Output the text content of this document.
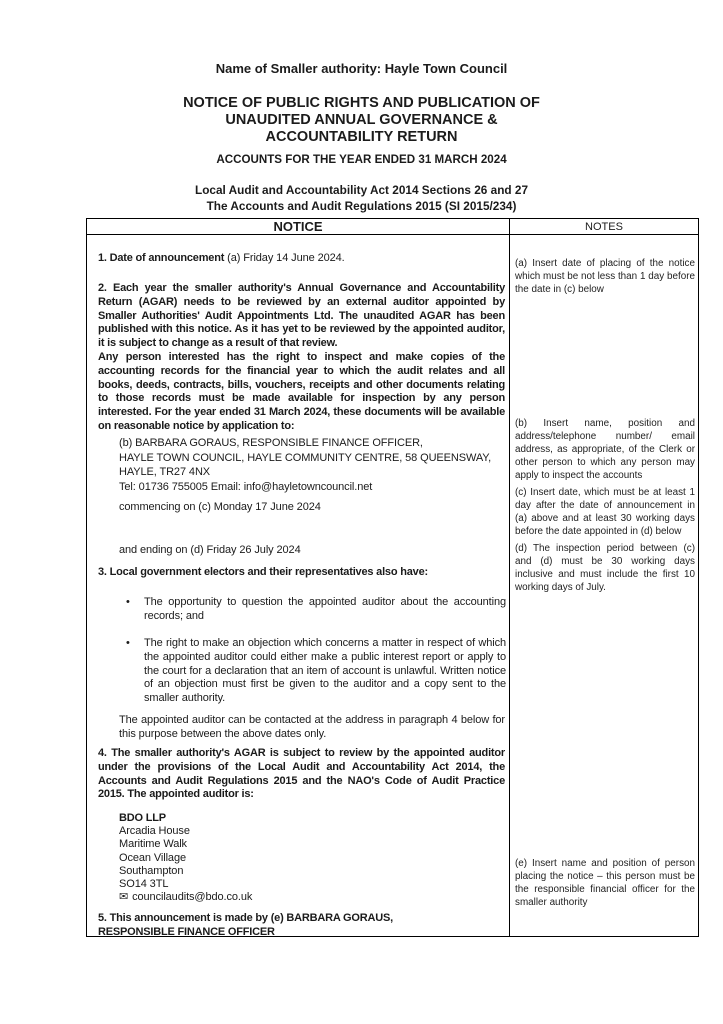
Name of Smaller authority: Hayle Town Council
NOTICE OF PUBLIC RIGHTS AND PUBLICATION OF
UNAUDITED ANNUAL GOVERNANCE &
ACCOUNTABILITY RETURN
ACCOUNTS FOR THE YEAR ENDED 31 MARCH 2024
Local Audit and Accountability Act 2014 Sections 26 and 27
The Accounts and Audit Regulations 2015 (SI 2015/234)
NOTICE	NOTES
1. Date of announcement (a) Friday 14 June 2024.

2. Each year the smaller authority's Annual Governance and Accountability Return (AGAR) needs to be reviewed by an external auditor appointed by Smaller Authorities' Audit Appointments Ltd. The unaudited AGAR has been published with this notice. As it has yet to be reviewed by the appointed auditor, it is subject to change as a result of that review.

Any person interested has the right to inspect and make copies of the accounting records for the financial year to which the audit relates and all books, deeds, contracts, bills, vouchers, receipts and other documents relating to those records must be made available for inspection by any person interested. For the year ended 31 March 2024, these documents will be available on reasonable notice by application to:

(b) BARBARA GORAUS, RESPONSIBLE FINANCE OFFICER,
HAYLE TOWN COUNCIL, HAYLE COMMUNITY CENTRE, 58 QUEENSWAY,
HAYLE, TR27 4NX
Tel: 01736 755005 Email: info@hayletowncouncil.net
commencing on (c) Monday 17 June 2024
and ending on (d) Friday 26 July 2024
3. Local government electors and their representatives also have:
•	The opportunity to question the appointed auditor about the accounting records; and
•	The right to make an objection which concerns a matter in respect of which the appointed auditor could either make a public interest report or apply to the court for a declaration that an item of account is unlawful. Written notice of an objection must first be given to the auditor and a copy sent to the smaller authority.
The appointed auditor can be contacted at the address in paragraph 4 below for this purpose between the above dates only.
4. The smaller authority's AGAR is subject to review by the appointed auditor under the provisions of the Local Audit and Accountability Act 2014, the Accounts and Audit Regulations 2015 and the NAO's Code of Audit Practice 2015. The appointed auditor is:
BDO LLP
Arcadia House
Maritime Walk
Ocean Village
Southampton
SO14 3TL
✉ councilaudits@bdo.co.uk
5. This announcement is made by (e) BARBARA GORAUS,
RESPONSIBLE FINANCE OFFICER
(a) Insert date of placing of the notice which must be not less than 1 day before the date in (c) below
(b) Insert name, position and address/telephone number/ email address, as appropriate, of the Clerk or other person to which any person may apply to inspect the accounts
(c) Insert date, which must be at least 1 day after the date of announcement in (a) above and at least 30 working days before the date appointed in (d) below
(d) The inspection period between (c) and (d) must be 30 working days inclusive and must include the first 10 working days of July.
(e) Insert name and position of person placing the notice – this person must be the responsible financial officer for the smaller authority
